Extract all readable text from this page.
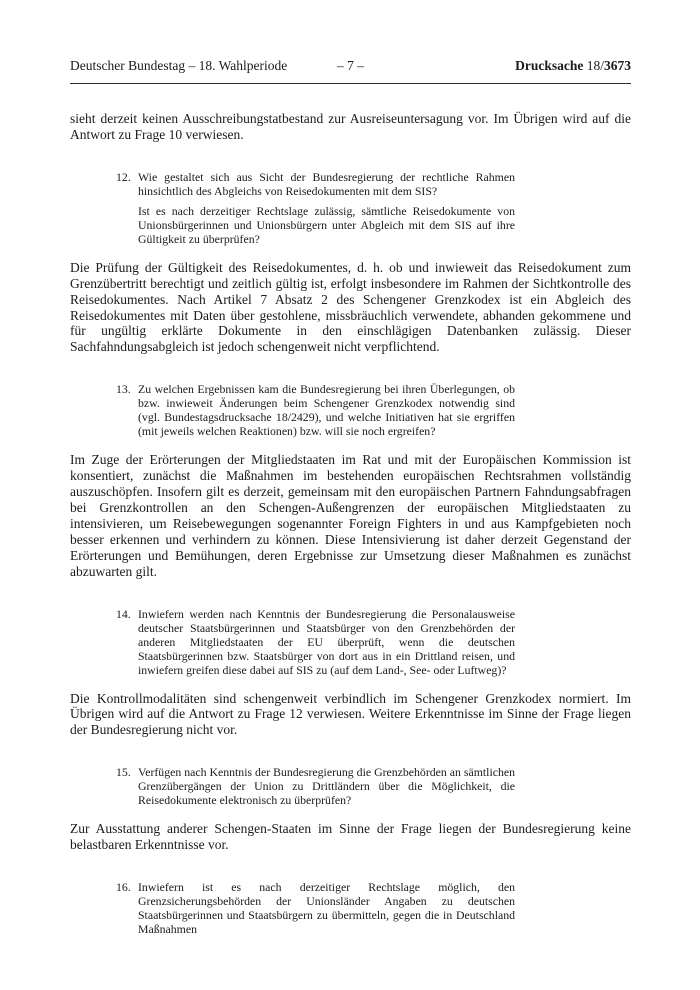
Deutscher Bundestag – 18. Wahlperiode	– 7 –	Drucksache 18/3673

sieht derzeit keinen Ausschreibungstatbestand zur Ausreiseuntersagung vor. Im Übrigen wird auf die Antwort zu Frage 10 verwiesen.

12. Wie gestaltet sich aus Sicht der Bundesregierung der rechtliche Rahmen hinsichtlich des Abgleichs von Reisedokumenten mit dem SIS?

Ist es nach derzeitiger Rechtslage zulässig, sämtliche Reisedokumente von Unionsbürgerinnen und Unionsbürgern unter Abgleich mit dem SIS auf ihre Gültigkeit zu überprüfen?

Die Prüfung der Gültigkeit des Reisedokumentes, d. h. ob und inwieweit das Reisedokument zum Grenzübertritt berechtigt und zeitlich gültig ist, erfolgt insbesondere im Rahmen der Sichtkontrolle des Reisedokumentes. Nach Artikel 7 Absatz 2 des Schengener Grenzkodex ist ein Abgleich des Reisedokumentes mit Daten über gestohlene, missbräuchlich verwendete, abhanden gekommene und für ungültig erklärte Dokumente in den einschlägigen Datenbanken zulässig. Dieser Sachfahndungsabgleich ist jedoch schengenweit nicht verpflichtend.

13. Zu welchen Ergebnissen kam die Bundesregierung bei ihren Überlegungen, ob bzw. inwieweit Änderungen beim Schengener Grenzkodex notwendig sind (vgl. Bundestagsdrucksache 18/2429), und welche Initiativen hat sie ergriffen (mit jeweils welchen Reaktionen) bzw. will sie noch ergreifen?

Im Zuge der Erörterungen der Mitgliedstaaten im Rat und mit der Europäischen Kommission ist konsentiert, zunächst die Maßnahmen im bestehenden europäischen Rechtsrahmen vollständig auszuschöpfen. Insofern gilt es derzeit, gemeinsam mit den europäischen Partnern Fahndungsabfragen bei Grenzkontrollen an den Schengen-Außengrenzen der europäischen Mitgliedstaaten zu intensivieren, um Reisebewegungen sogenannter Foreign Fighters in und aus Kampfgebieten noch besser erkennen und verhindern zu können. Diese Intensivierung ist daher derzeit Gegenstand der Erörterungen und Bemühungen, deren Ergebnisse zur Umsetzung dieser Maßnahmen es zunächst abzuwarten gilt.

14. Inwiefern werden nach Kenntnis der Bundesregierung die Personalausweise deutscher Staatsbürgerinnen und Staatsbürger von den Grenzbehörden der anderen Mitgliedstaaten der EU überprüft, wenn die deutschen Staatsbürgerinnen bzw. Staatsbürger von dort aus in ein Drittland reisen, und inwiefern greifen diese dabei auf SIS zu (auf dem Land-, See- oder Luftweg)?

Die Kontrollmodalitäten sind schengenweit verbindlich im Schengener Grenzkodex normiert. Im Übrigen wird auf die Antwort zu Frage 12 verwiesen. Weitere Erkenntnisse im Sinne der Frage liegen der Bundesregierung nicht vor.

15. Verfügen nach Kenntnis der Bundesregierung die Grenzbehörden an sämtlichen Grenzübergängen der Union zu Drittländern über die Möglichkeit, die Reisedokumente elektronisch zu überprüfen?

Zur Ausstattung anderer Schengen-Staaten im Sinne der Frage liegen der Bundesregierung keine belastbaren Erkenntnisse vor.

16. Inwiefern ist es nach derzeitiger Rechtslage möglich, den Grenzsicherungsbehörden der Unionsländer Angaben zu deutschen Staatsbürgerinnen und Staatsbürgern zu übermitteln, gegen die in Deutschland Maßnahmen
